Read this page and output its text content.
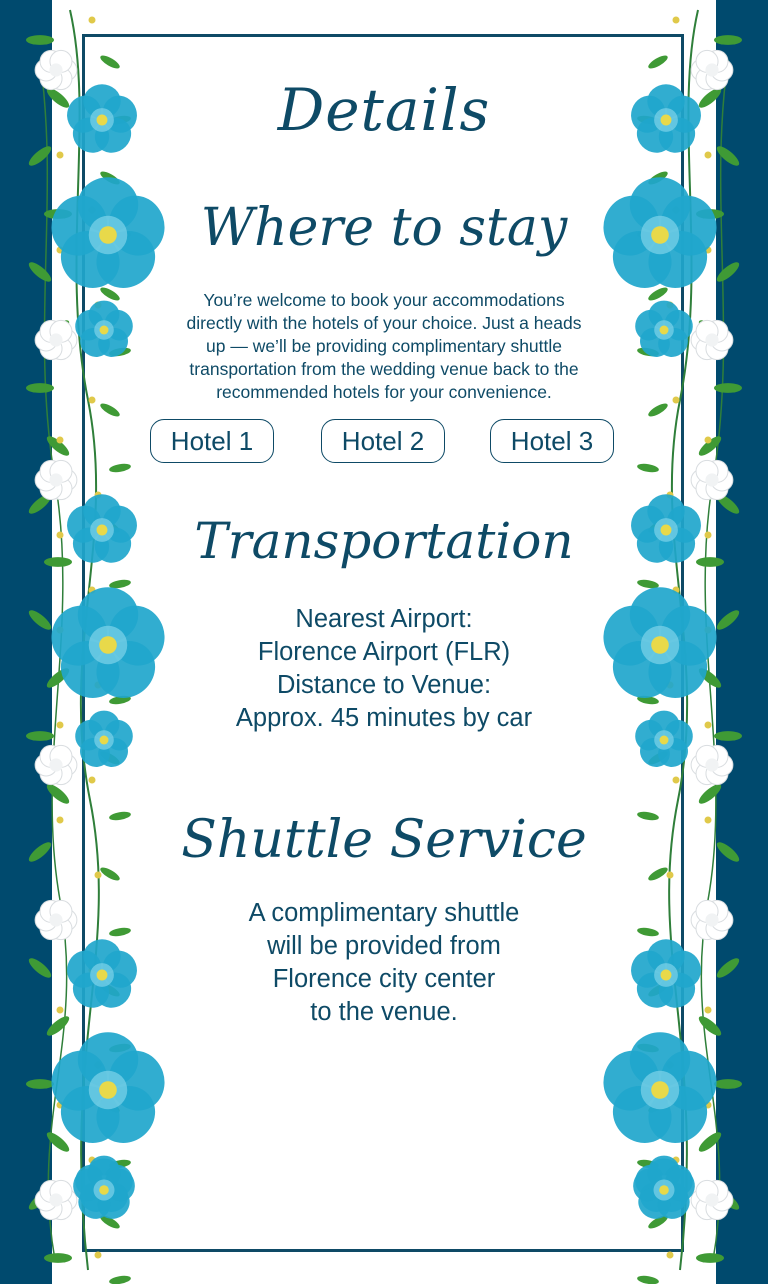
Details
Where to stay

You’re welcome to book your accommodations
directly with the hotels of your choice. Just a heads
up — we’ll be providing complimentary shuttle
transportation from the wedding venue back to the
recommended hotels for your convenience.

Hotel 1	Hotel 2	Hotel 3
Transportation

Nearest Airport:
Florence Airport (FLR)
Distance to Venue:
Approx. 45 minutes by car

Shuttle Service

A complimentary shuttle
will be provided from
Florence city center
to the venue.
